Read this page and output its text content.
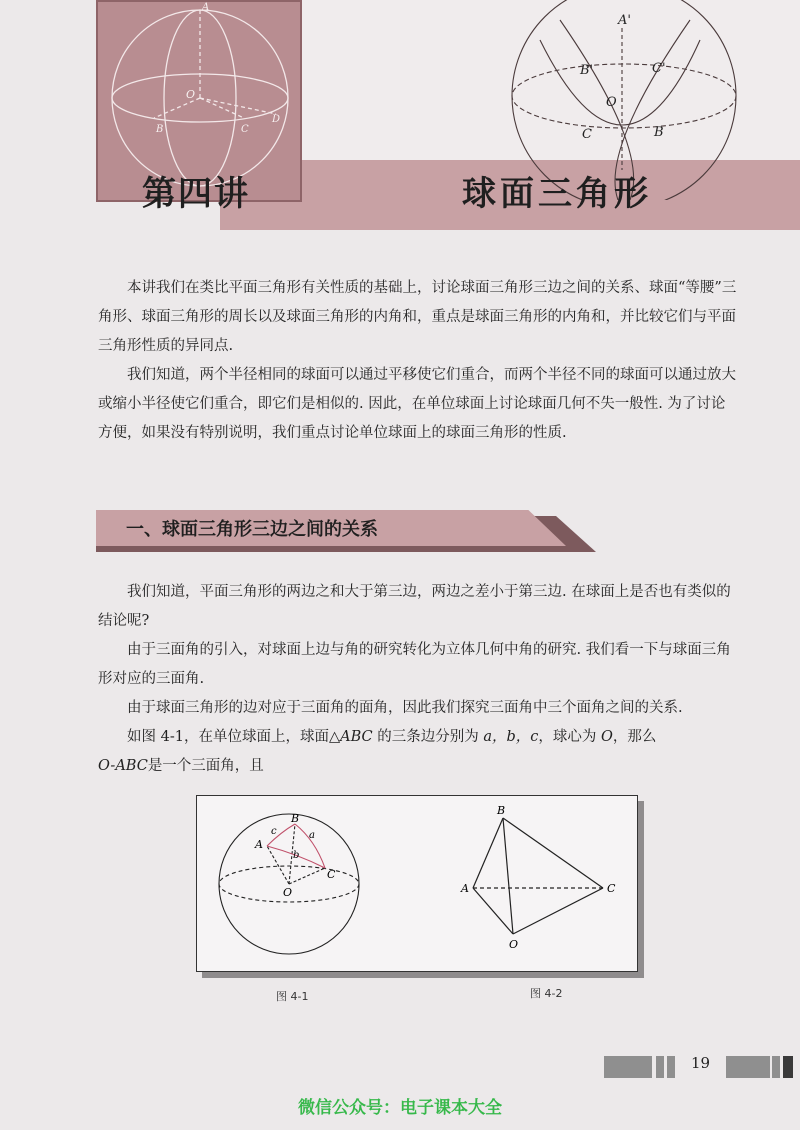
A
O
B	C
D
A'
B'	C'
O
C	B
第四讲	球面三角形

本讲我们在类比平面三角形有关性质的基础上，讨论球面三角形三边之间的关系、球面“等腰”三角形、球面三角形的周长以及球面三角形的内角和，重点是球面三角形的内角和，并比较它们与平面三角形性质的异同点.

我们知道，两个半径相同的球面可以通过平移使它们重合，而两个半径不同的球面可以通过放大或缩小半径使它们重合，即它们是相似的. 因此，在单位球面上讨论球面几何不失一般性. 为了讨论方便，如果没有特别说明，我们重点讨论单位球面上的球面三角形的性质.

一、球面三角形三边之间的关系

我们知道，平面三角形的两边之和大于第三边，两边之差小于第三边. 在球面上是否也有类似的结论呢?

由于三面角的引入，对球面上边与角的研究转化为立体几何中角的研究. 我们看一下与球面三角形对应的三面角.

由于球面三角形的边对应于三面角的面角，因此我们探究三面角中三个面角之间的关系.

如图 4-1，在单位球面上，球面△ABC 的三条边分别为 a，b，c，球心为 O，那么
O-ABC是一个三面角，且

A
B
C
O
a
c
b
B
A	C
O
图 4-1	图 4-2
19
微信公众号：电子课本大全
